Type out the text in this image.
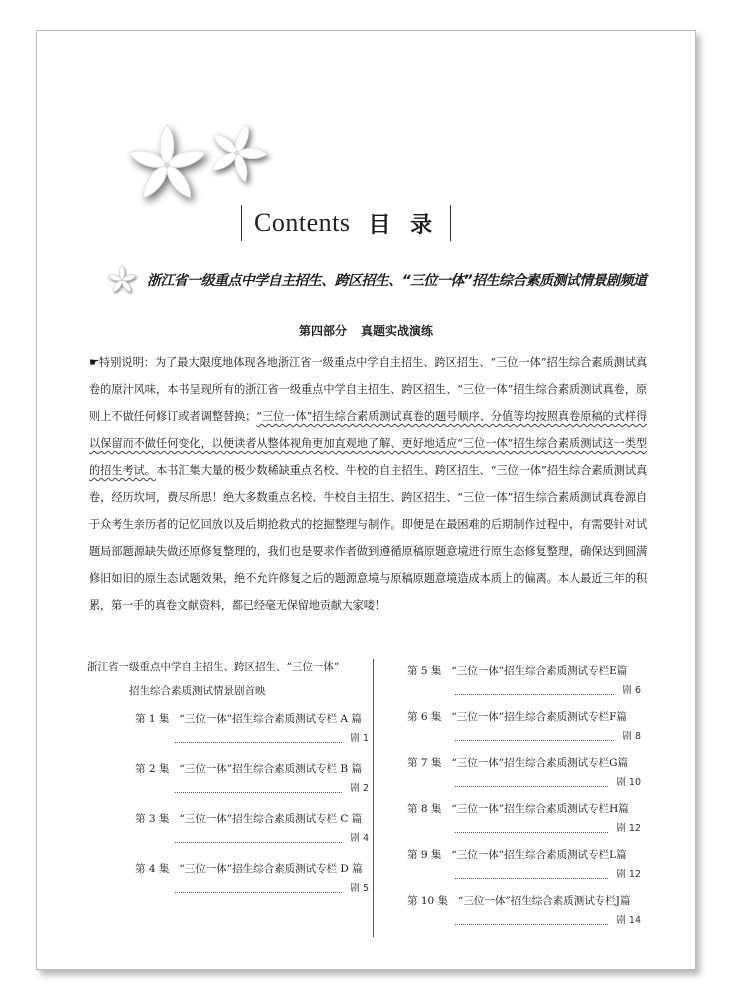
Contents 目 录
浙江省一级重点中学自主招生、跨区招生、“三位一体”招生综合素质测试情景剧频道
第四部分 真题实战演练
☛特别说明：为了最大限度地体现各地浙江省一级重点中学自主招生、跨区招生、“三位一体”招生综合素质测试真卷的原汁风味，本书呈现所有的浙江省一级重点中学自主招生、跨区招生、“三位一体”招生综合素质测试真卷，原则上不做任何修订或者调整替换；“三位一体”招生综合素质测试真卷的题号顺序、分值等均按照真卷原稿的式样得以保留而不做任何变化，以便读者从整体视角更加直观地了解、更好地适应“三位一体”招生综合素质测试这一类型的招生考试。本书汇集大量的极少数稀缺重点名校、牛校的自主招生、跨区招生、“三位一体”招生综合素质测试真卷，经历坎坷，费尽所思！绝大多数重点名校、牛校自主招生、跨区招生、“三位一体”招生综合素质测试真卷源自于众考生亲历者的记忆回放以及后期抢救式的挖掘整理与制作。即便是在最困难的后期制作过程中，有需要针对试题局部题源缺失做还原修复整理的，我们也是要求作者做到遵循原稿原题意境进行原生态修复整理，确保达到圆满修旧如旧的原生态试题效果，绝不允许修复之后的题源意境与原稿原题意境造成本质上的偏离。本人最近三年的积累，第一手的真卷文献资料，都已经毫无保留地贡献大家喽！
浙江省一级重点中学自主招生、跨区招生、“三位一体”
招生综合素质测试情景剧首映
第 1 集 “三位一体”招生综合素质测试专栏 A 篇
剧 1
第 2 集 “三位一体”招生综合素质测试专栏 B 篇
剧 2
第 3 集 “三位一体”招生综合素质测试专栏 C 篇
剧 4
第 4 集 “三位一体”招生综合素质测试专栏 D 篇
剧 5
第 5 集 “三位一体”招生综合素质测试专栏E篇
剧 6
第 6 集 “三位一体”招生综合素质测试专栏F篇
剧 8
第 7 集 “三位一体”招生综合素质测试专栏G篇
剧 10
第 8 集 “三位一体”招生综合素质测试专栏H篇
剧 12
第 9 集 “三位一体”招生综合素质测试专栏L篇
剧 12
第 10 集 “三位一体”招生综合素质测试专栏J篇
剧 14
